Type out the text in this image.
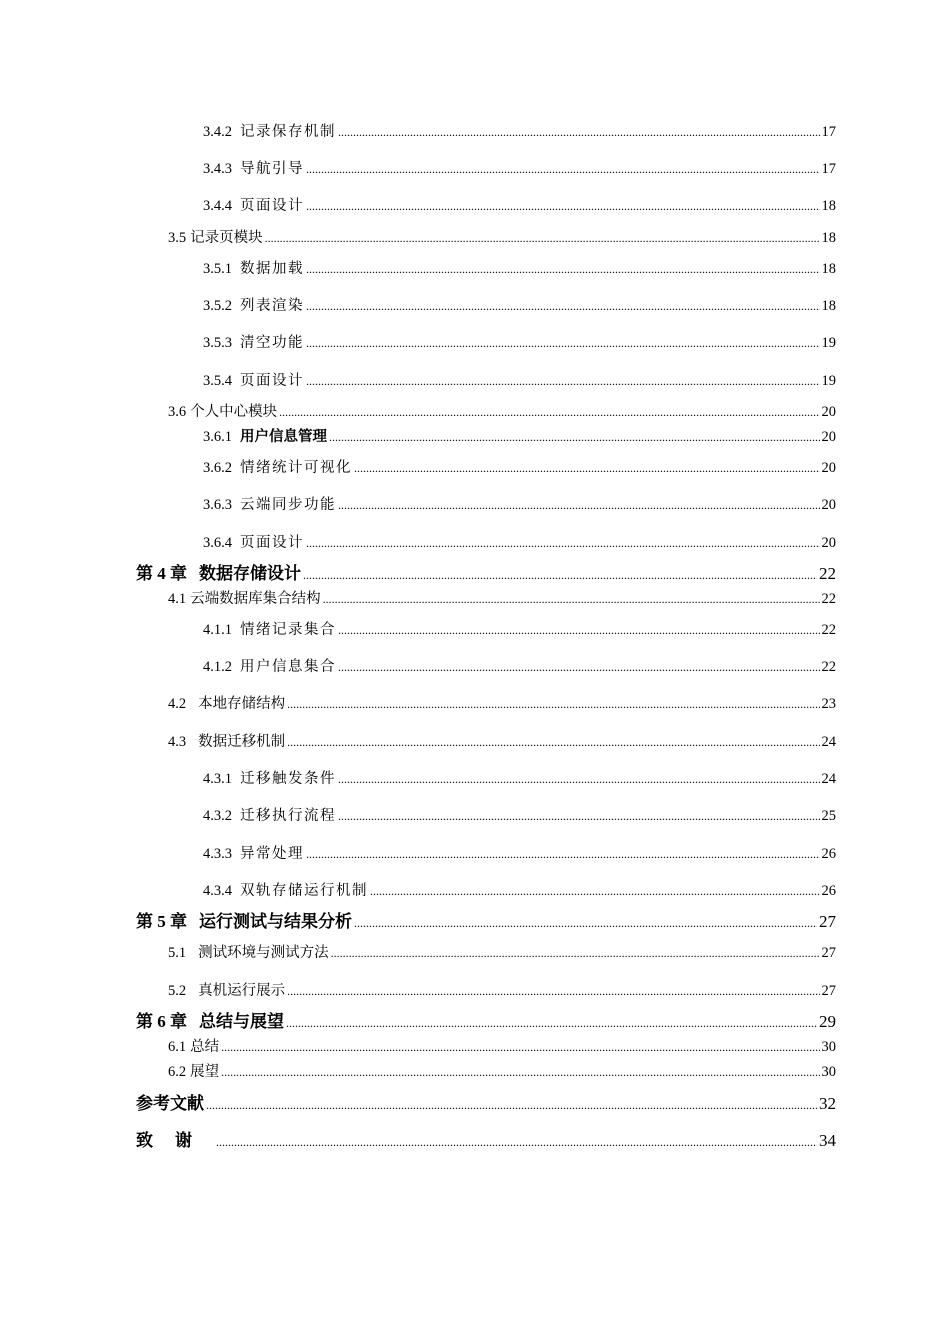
3.4.2 记录保存机制 .....	17
3.4.3 导航引导 .....	17
3.4.4 页面设计 .....	18
3.5 记录页模块 .....	18
3.5.1 数据加载 .....	18
3.5.2 列表渲染 .....	18
3.5.3 清空功能 .....	19
3.5.4 页面设计 .....	19
3.6 个人中心模块 .....	20
3.6.1 用户信息管理 .....	20
3.6.2 情绪统计可视化 .....	20
3.6.3 云端同步功能 .....	20
3.6.4 页面设计 .....	20
第 4 章 数据存储设计 .....	22
4.1 云端数据库集合结构 .....	22
4.1.1 情绪记录集合 .....	22
4.1.2 用户信息集合 .....	22
4.2 本地存储结构 .....	23
4.3 数据迁移机制 .....	24
4.3.1 迁移触发条件 .....	24
4.3.2 迁移执行流程 .....	25
4.3.3 异常处理 .....	26
4.3.4 双轨存储运行机制 .....	26
第 5 章 运行测试与结果分析 .....	27
5.1 测试环境与测试方法 .....	27
5.2 真机运行展示 .....	27
第 6 章 总结与展望 .....	29
6.1 总结 .....	30
6.2 展望 .....	30
参考文献 .....	32
致谢 .....	34
